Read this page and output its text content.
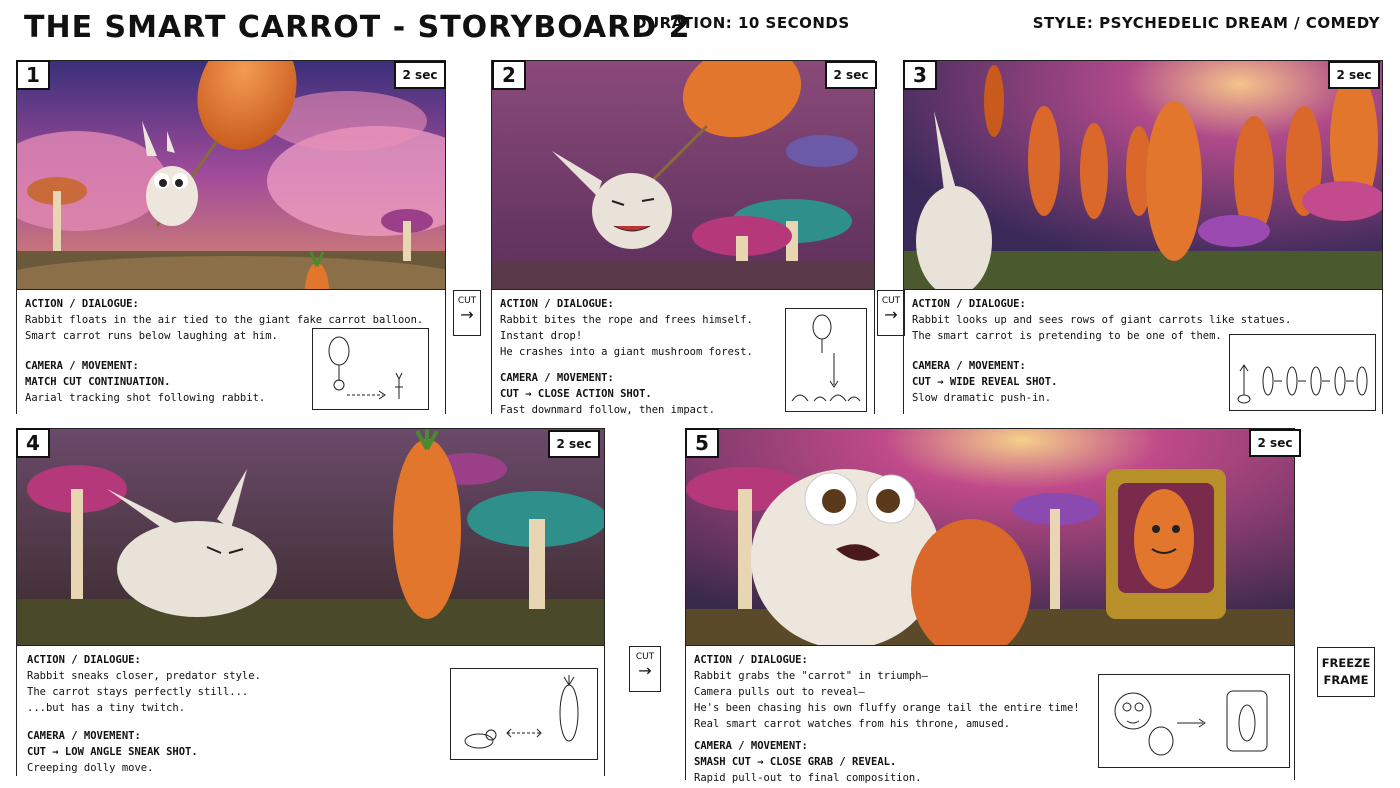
THE SMART CARROT - STORYBOARD 2
DURATION: 10 SECONDS	STYLE: PSYCHEDELIC DREAM / COMEDY
1	2 sec
ACTION / DIALOGUE:
Rabbit floats in the air tied to the giant fake carrot balloon.
Smart carrot runs below laughing at him.
CAMERA / MOVEMENT:
MATCH CUT CONTINUATION.
Aarial tracking shot following rabbit.
CUT
→
2	2 sec
ACTION / DIALOGUE:
Rabbit bites the rope and frees himself.
Instant drop!
He crashes into a giant mushroom forest.
CAMERA / MOVEMENT:
CUT → CLOSE ACTION SHOT.
Fast downmard follow, then impact.
CUT
→
3	2 sec
ACTION / DIALOGUE:
Rabbit looks up and sees rows of giant carrots like statues.
The smart carrot is pretending to be one of them.
CAMERA / MOVEMENT:
CUT → WIDE REVEAL SHOT.
Slow dramatic push-in.
4	2 sec
ACTION / DIALOGUE:
Rabbit sneaks closer, predator style.
The carrot stays perfectly still...
...but has a tiny twitch.
CAMERA / MOVEMENT:
CUT → LOW ANGLE SNEAK SHOT.
Creeping dolly move.
CUT
→
5	2 sec
ACTION / DIALOGUE:
Rabbit grabs the "carrot" in triumph—
Camera pulls out to reveal—
He's been chasing his own fluffy orange tail the entire time!
Real smart carrot watches from his throne, amused.
CAMERA / MOVEMENT:
SMASH CUT → CLOSE GRAB / REVEAL.
Rapid pull-out to final composition.
FREEZE
FRAME
